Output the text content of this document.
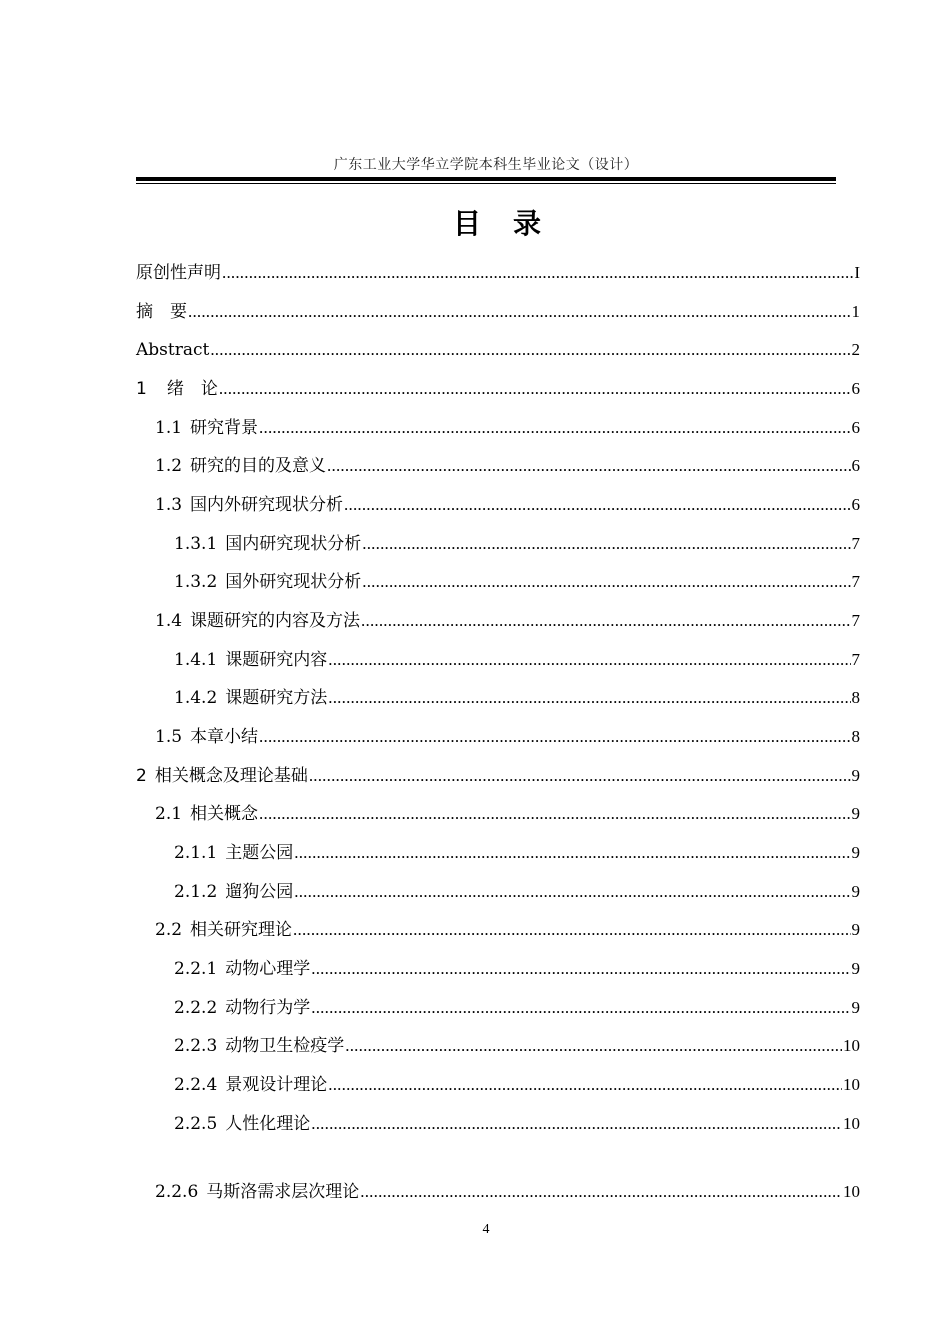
广东工业大学华立学院本科生毕业论文（设计）
目　录
原创性声明 .....	I
摘　要 .....	1
Abstract .....	2
1 绪　论 .....	6
1.1 研究背景 .....	6
1.2 研究的目的及意义 .....	6
1.3 国内外研究现状分析 .....	6
1.3.1 国内研究现状分析 .....	7
1.3.2 国外研究现状分析 .....	7
1.4 课题研究的内容及方法 .....	7
1.4.1 课题研究内容 .....	7
1.4.2 课题研究方法 .....	8
1.5 本章小结 .....	8
2 相关概念及理论基础 .....	9
2.1 相关概念 .....	9
2.1.1 主题公园 .....	9
2.1.2 遛狗公园 .....	9
2.2 相关研究理论 .....	9
2.2.1 动物心理学 .....	9
2.2.2 动物行为学 .....	9
2.2.3 动物卫生检疫学 .....	10
2.2.4 景观设计理论 .....	10
2.2.5 人性化理论 .....	10
2.2.6 马斯洛需求层次理论 .....	10
4
